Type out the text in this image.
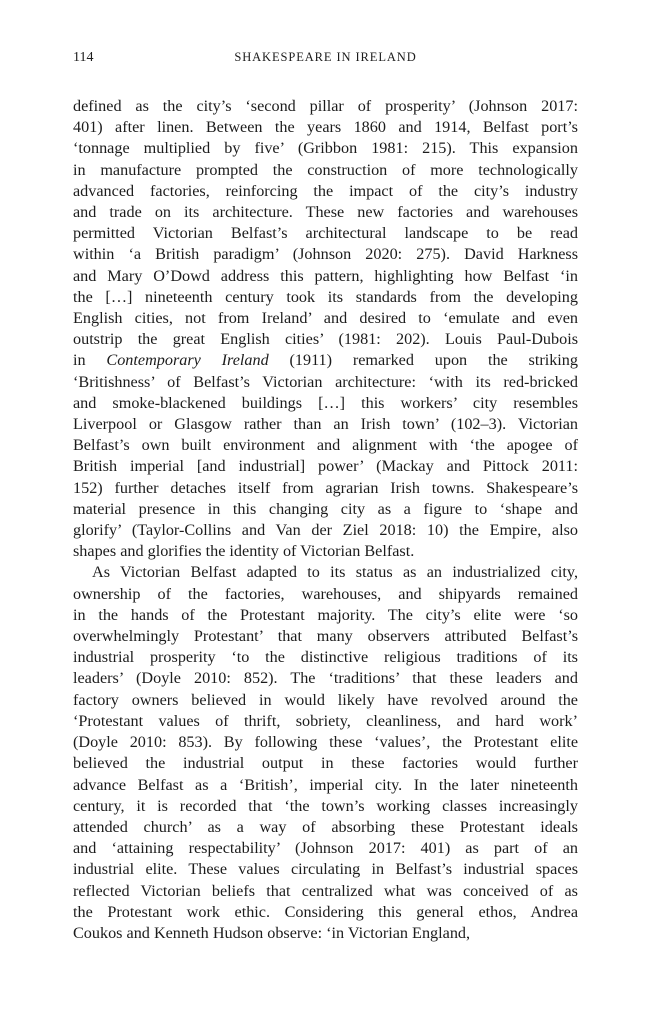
114	SHAKESPEARE IN IRELAND

defined as the city’s ‘second pillar of prosperity’ (Johnson 2017:
401) after linen. Between the years 1860 and 1914, Belfast port’s
‘tonnage multiplied by five’ (Gribbon 1981: 215). This expansion
in manufacture prompted the construction of more technologically
advanced factories, reinforcing the impact of the city’s industry
and trade on its architecture. These new factories and warehouses
permitted Victorian Belfast’s architectural landscape to be read
within ‘a British paradigm’ (Johnson 2020: 275). David Harkness
and Mary O’Dowd address this pattern, highlighting how Belfast ‘in
the […] nineteenth century took its standards from the developing
English cities, not from Ireland’ and desired to ‘emulate and even
outstrip the great English cities’ (1981: 202). Louis Paul-Dubois
in Contemporary Ireland (1911) remarked upon the striking
‘Britishness’ of Belfast’s Victorian architecture: ‘with its red-bricked
and smoke-blackened buildings […] this workers’ city resembles
Liverpool or Glasgow rather than an Irish town’ (102–3). Victorian
Belfast’s own built environment and alignment with ‘the apogee of
British imperial [and industrial] power’ (Mackay and Pittock 2011:
152) further detaches itself from agrarian Irish towns. Shakespeare’s
material presence in this changing city as a figure to ‘shape and
glorify’ (Taylor-Collins and Van der Ziel 2018: 10) the Empire, also
shapes and glorifies the identity of Victorian Belfast.

As Victorian Belfast adapted to its status as an industrialized city,
ownership of the factories, warehouses, and shipyards remained
in the hands of the Protestant majority. The city’s elite were ‘so
overwhelmingly Protestant’ that many observers attributed Belfast’s
industrial prosperity ‘to the distinctive religious traditions of its
leaders’ (Doyle 2010: 852). The ‘traditions’ that these leaders and
factory owners believed in would likely have revolved around the
‘Protestant values of thrift, sobriety, cleanliness, and hard work’
(Doyle 2010: 853). By following these ‘values’, the Protestant elite
believed the industrial output in these factories would further
advance Belfast as a ‘British’, imperial city. In the later nineteenth
century, it is recorded that ‘the town’s working classes increasingly
attended church’ as a way of absorbing these Protestant ideals
and ‘attaining respectability’ (Johnson 2017: 401) as part of an
industrial elite. These values circulating in Belfast’s industrial spaces
reflected Victorian beliefs that centralized what was conceived of as
the Protestant work ethic. Considering this general ethos, Andrea
Coukos and Kenneth Hudson observe: ‘in Victorian England,
